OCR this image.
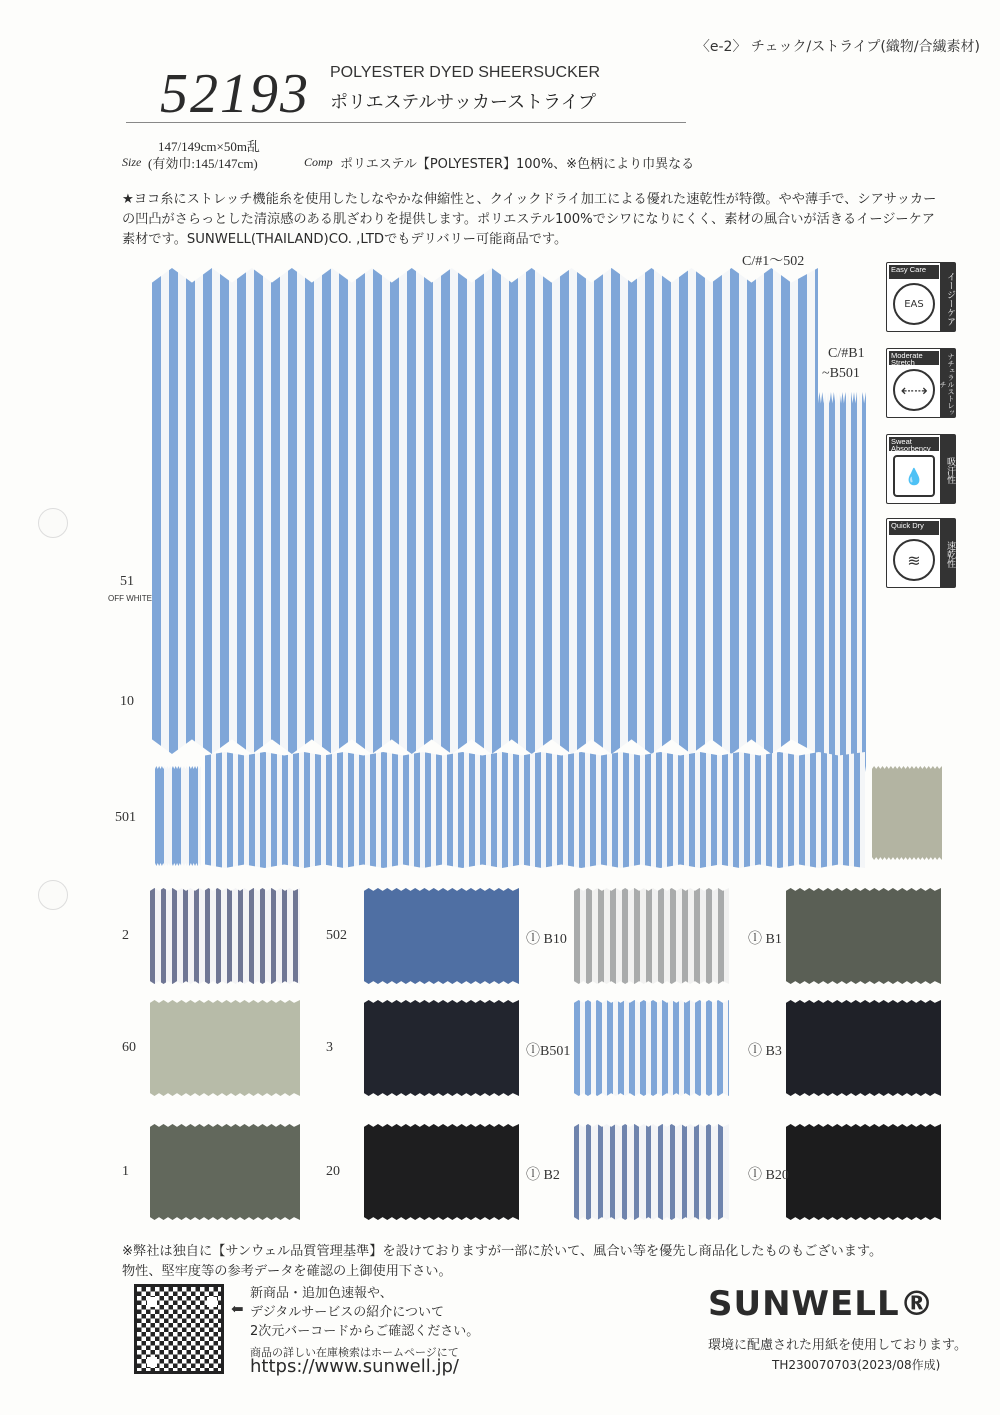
〈e-2〉 チェック/ストライプ(織物/合繊素材)
52193 POLYESTER DYED SHEERSUCKER
ポリエステルサッカーストライプ
147/149cm×50m乱
Size (有効巾:145/147cm)	Comp ポリエステル【POLYESTER】100%、※色柄により巾異なる
★ヨコ糸にストレッチ機能糸を使用したしなやかな伸縮性と、クイックドライ加工による優れた速乾性が特徴。やや薄手で、シアサッカーの凹凸がさらっとした清涼感のある肌ざわりを提供します。ポリエステル100%でシワになりにくく、素材の風合いが活きるイージーケア素材です。SUNWELL(THAILAND)CO. ,LTDでもデリバリー可能商品です。
C/#1～502
C/#B1
~B501
51
OFF WHITE
10
501
Easy Care
EAS	イージーケア
Moderate Stretch
⇠⇢	ナチュラルストレッチ
Sweat Absorbency
💧	吸汗性
Quick Dry
≋	速乾性
2	502	ⓛ B10	ⓛ B1
60	3	ⓛB501	ⓛ B3
1	20	ⓛ B2	ⓛ B20
※弊社は独自に【サンウェル品質管理基準】を設けておりますが一部に於いて、風合い等を優先し商品化したものもございます。
物性、堅牢度等の参考データを確認の上御使用下さい。
⬅
新商品・追加色速報や、
デジタルサービスの紹介について
2次元バーコードからご確認ください。
商品の詳しい在庫検索はホームページにて
https://www.sunwell.jp/
SUNWELL®
環境に配慮された用紙を使用しております。
TH230070703(2023/08作成)
